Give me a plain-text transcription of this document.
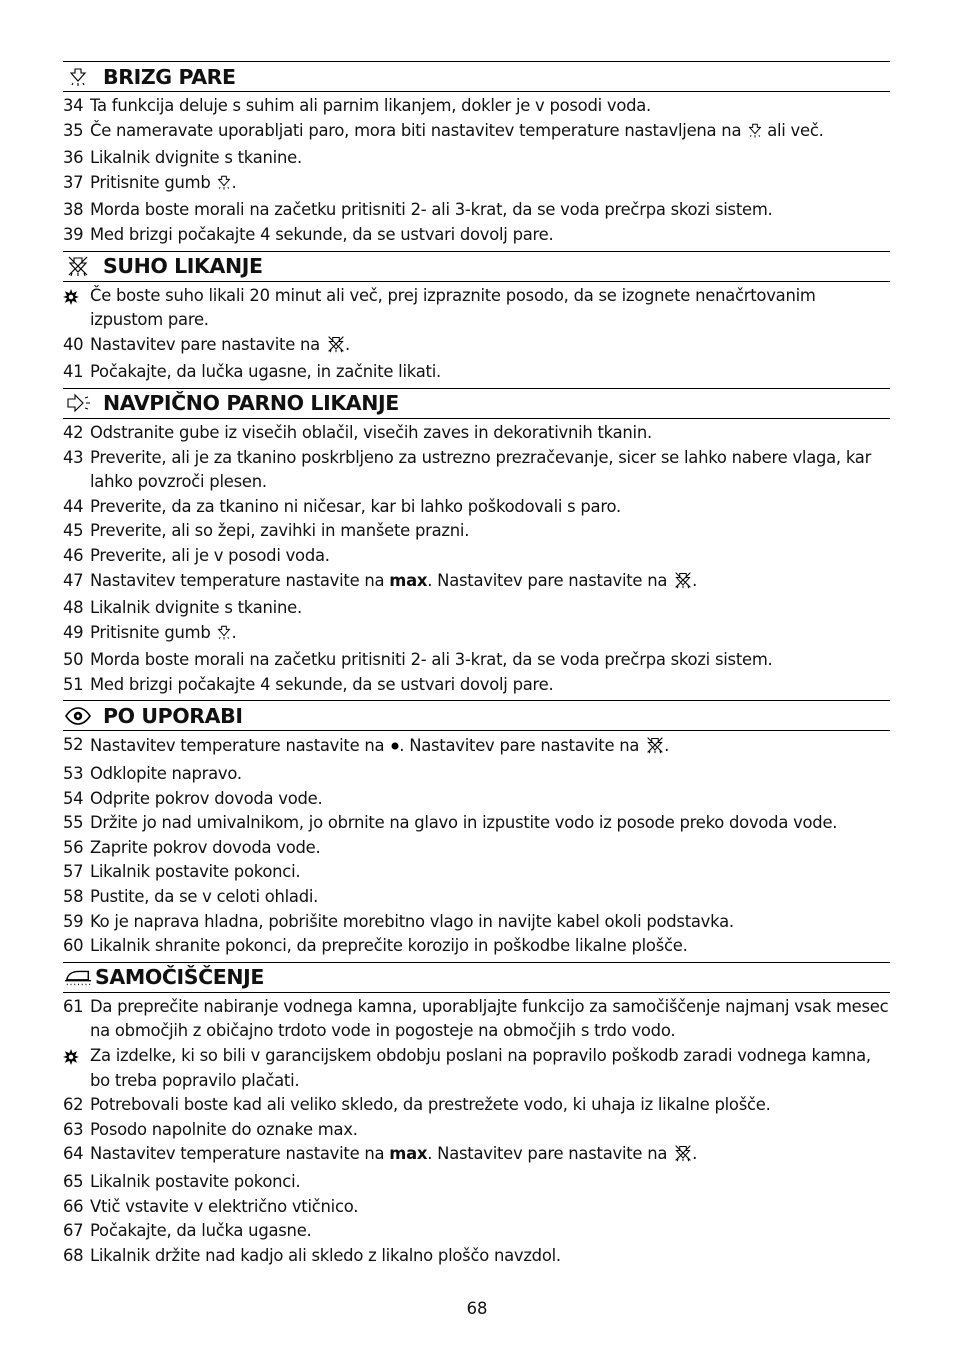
BRIZG PARE
34 Ta funkcija deluje s suhim ali parnim likanjem, dokler je v posodi voda.
35 Če nameravate uporabljati paro, mora biti nastavitev temperature nastavljena na ali več.
36 Likalnik dvignite s tkanine.
37 Pritisnite gumb .
38 Morda boste morali na začetku pritisniti 2- ali 3-krat, da se voda prečrpa skozi sistem.
39 Med brizgi počakajte 4 sekunde, da se ustvari dovolj pare.
SUHO LIKANJE
Če boste suho likali 20 minut ali več, prej izpraznite posodo, da se izognete nenačrtovanim izpustom pare.
40 Nastavitev pare nastavite na .
41 Počakajte, da lučka ugasne, in začnite likati.
NAVPIČNO PARNO LIKANJE
42 Odstranite gube iz visečih oblačil, visečih zaves in dekorativnih tkanin.
43 Preverite, ali je za tkanino poskrbljeno za ustrezno prezračevanje, sicer se lahko nabere vlaga, kar lahko povzroči plesen.
44 Preverite, da za tkanino ni ničesar, kar bi lahko poškodovali s paro.
45 Preverite, ali so žepi, zavihki in manšete prazni.
46 Preverite, ali je v posodi voda.
47 Nastavitev temperature nastavite na max. Nastavitev pare nastavite na .
48 Likalnik dvignite s tkanine.
49 Pritisnite gumb .
50 Morda boste morali na začetku pritisniti 2- ali 3-krat, da se voda prečrpa skozi sistem.
51 Med brizgi počakajte 4 sekunde, da se ustvari dovolj pare.
PO UPORABI
52 Nastavitev temperature nastavite na . Nastavitev pare nastavite na .
53 Odklopite napravo.
54 Odprite pokrov dovoda vode.
55 Držite jo nad umivalnikom, jo obrnite na glavo in izpustite vodo iz posode preko dovoda vode.
56 Zaprite pokrov dovoda vode.
57 Likalnik postavite pokonci.
58 Pustite, da se v celoti ohladi.
59 Ko je naprava hladna, pobrišite morebitno vlago in navijte kabel okoli podstavka.
60 Likalnik shranite pokonci, da preprečite korozijo in poškodbe likalne plošče.
SAMOČIŠČENJE
61 Da preprečite nabiranje vodnega kamna, uporabljajte funkcijo za samočiščenje najmanj vsak mesec na območjih z običajno trdoto vode in pogosteje na območjih s trdo vodo.
Za izdelke, ki so bili v garancijskem obdobju poslani na popravilo poškodb zaradi vodnega kamna, bo treba popravilo plačati.
62 Potrebovali boste kad ali veliko skledo, da prestrežete vodo, ki uhaja iz likalne plošče.
63 Posodo napolnite do oznake max.
64 Nastavitev temperature nastavite na max. Nastavitev pare nastavite na .
65 Likalnik postavite pokonci.
66 Vtič vstavite v električno vtičnico.
67 Počakajte, da lučka ugasne.
68 Likalnik držite nad kadjo ali skledo z likalno ploščo navzdol.
68
